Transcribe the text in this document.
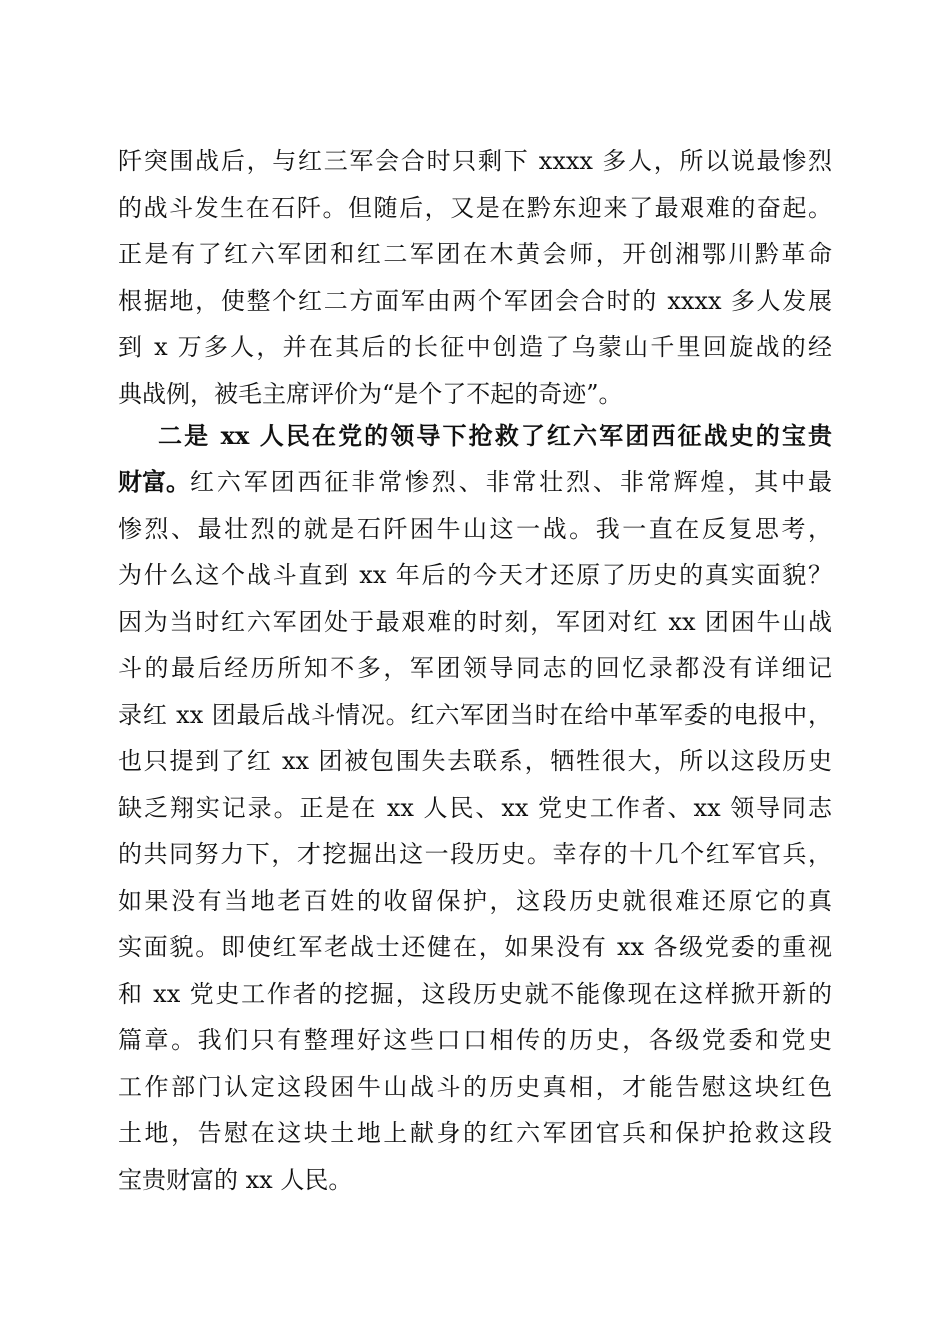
阡突围战后，与红三军会合时只剩下 xxxx 多人，所以说最惨烈
的战斗发生在石阡。但随后，又是在黔东迎来了最艰难的奋起。
正是有了红六军团和红二军团在木黄会师，开创湘鄂川黔革命
根据地，使整个红二方面军由两个军团会合时的 xxxx 多人发展
到 x 万多人，并在其后的长征中创造了乌蒙山千里回旋战的经
典战例，被毛主席评价为“是个了不起的奇迹”。
二是 xx 人民在党的领导下抢救了红六军团西征战史的宝贵
财富。 红六军团西征非常惨烈、非常壮烈、非常辉煌，其中最
惨烈、最壮烈的就是石阡困牛山这一战。我一直在反复思考，
为什么这个战斗直到 xx 年后的今天才还原了历史的真实面貌？
因为当时红六军团处于最艰难的时刻，军团对红 xx 团困牛山战
斗的最后经历所知不多，军团领导同志的回忆录都没有详细记
录红 xx 团最后战斗情况。红六军团当时在给中革军委的电报中，
也只提到了红 xx 团被包围失去联系，牺牲很大，所以这段历史
缺乏翔实记录。正是在 xx 人民、xx 党史工作者、xx 领导同志
的共同努力下，才挖掘出这一段历史。幸存的十几个红军官兵，
如果没有当地老百姓的收留保护，这段历史就很难还原它的真
实面貌。即使红军老战士还健在，如果没有 xx 各级党委的重视
和 xx 党史工作者的挖掘，这段历史就不能像现在这样掀开新的
篇章。我们只有整理好这些口口相传的历史，各级党委和党史
工作部门认定这段困牛山战斗的历史真相，才能告慰这块红色
土地，告慰在这块土地上献身的红六军团官兵和保护抢救这段
宝贵财富的 xx 人民。
